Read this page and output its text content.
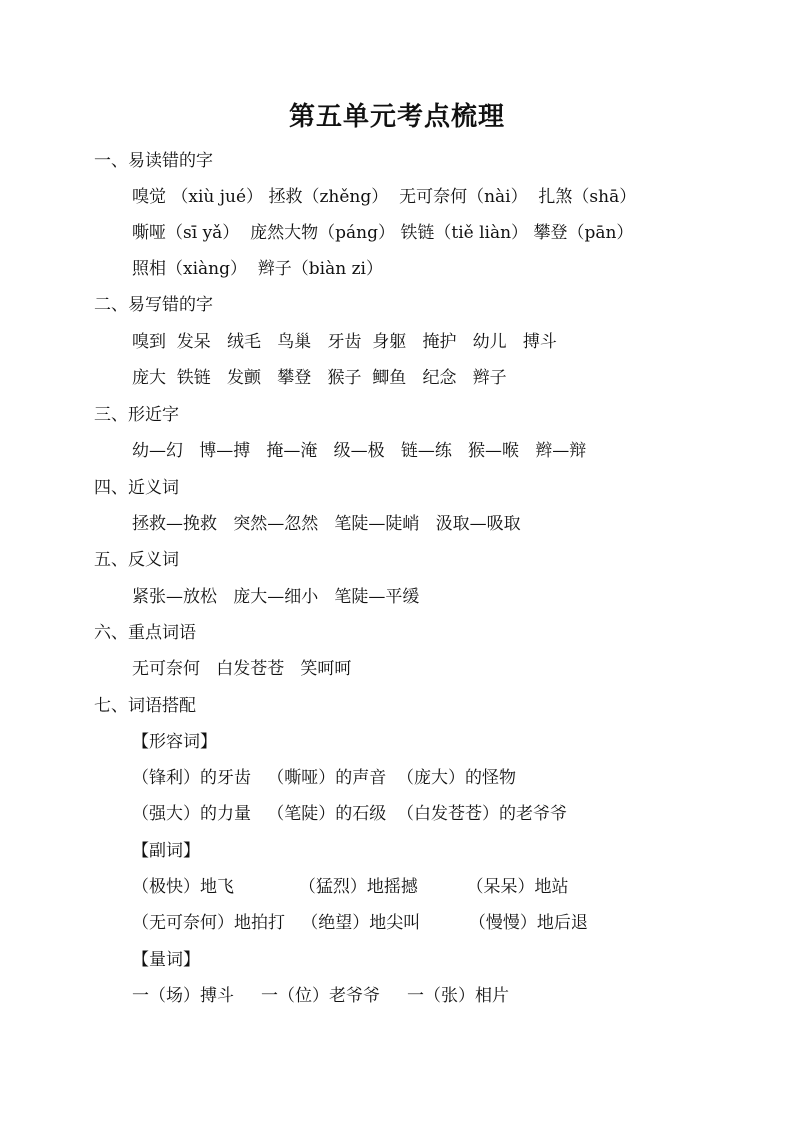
第五单元考点梳理
一、易读错的字
嗅觉 （xiù jué） 拯救（zhěng）  无可奈何（nài）  扎煞（shā）
嘶哑（sī yǎ）  庞然大物（páng） 铁链（tiě liàn） 攀登（pān）
照相（xiàng）  辫子（biàn zi）
二、易写错的字
嗅到  发呆   绒毛   鸟巢   牙齿  身躯   掩护   幼儿   搏斗
庞大  铁链   发颤   攀登   猴子  鲫鱼   纪念   辫子
三、形近字
幼—幻   博—搏   掩—淹   级—极   链—练   猴—喉   辫—辩
四、近义词
拯救—挽救   突然—忽然   笔陡—陡峭   汲取—吸取
五、反义词
紧张—放松   庞大—细小   笔陡—平缓
六、重点词语
无可奈何   白发苍苍   笑呵呵
七、词语搭配
【形容词】
（锋利）的牙齿   （嘶哑）的声音  （庞大）的怪物
（强大）的力量   （笔陡）的石级  （白发苍苍）的老爷爷
【副词】
（极快）地飞            （猛烈）地摇撼         （呆呆）地站
（无可奈何）地拍打   （绝望）地尖叫         （慢慢）地后退
【量词】
一（场）搏斗     一（位）老爷爷     一（张）相片
